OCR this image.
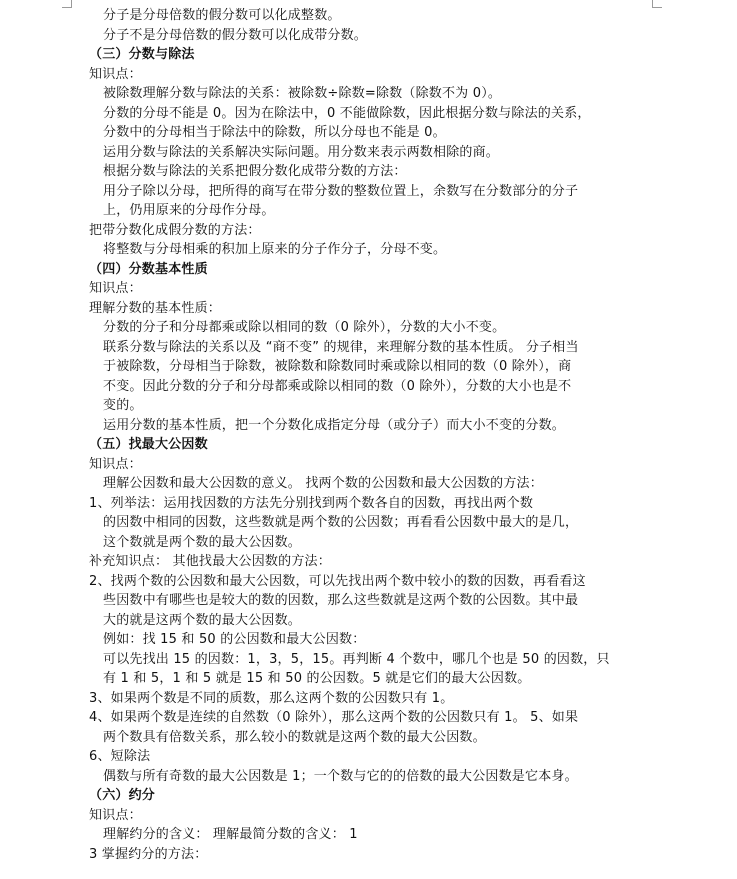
分子是分母倍数的假分数可以化成整数。
分子不是分母倍数的假分数可以化成带分数。
（三）分数与除法
知识点：
被除数理解分数与除法的关系：被除数÷除数=除数（除数不为 0）。
分数的分母不能是 0。因为在除法中，0 不能做除数，因此根据分数与除法的关系，
分数中的分母相当于除法中的除数，所以分母也不能是 0。
运用分数与除法的关系解决实际问题。用分数来表示两数相除的商。
根据分数与除法的关系把假分数化成带分数的方法：
用分子除以分母，把所得的商写在带分数的整数位置上，余数写在分数部分的分子
上，仍用原来的分母作分母。
把带分数化成假分数的方法：
将整数与分母相乘的积加上原来的分子作分子，分母不变。
（四）分数基本性质
知识点：
理解分数的基本性质：
分数的分子和分母都乘或除以相同的数（0 除外），分数的大小不变。
联系分数与除法的关系以及 “商不变” 的规律，来理解分数的基本性质。 分子相当
于被除数，分母相当于除数，被除数和除数同时乘或除以相同的数（0 除外），商
不变。因此分数的分子和分母都乘或除以相同的数（0 除外），分数的大小也是不
变的。
运用分数的基本性质，把一个分数化成指定分母（或分子）而大小不变的分数。
（五）找最大公因数
知识点：
理解公因数和最大公因数的意义。 找两个数的公因数和最大公因数的方法：
1、列举法：运用找因数的方法先分别找到两个数各自的因数，再找出两个数
的因数中相同的因数，这些数就是两个数的公因数；再看看公因数中最大的是几，
这个数就是两个数的最大公因数。
补充知识点： 其他找最大公因数的方法：
2、找两个数的公因数和最大公因数，可以先找出两个数中较小的数的因数，再看看这
些因数中有哪些也是较大的数的因数，那么这些数就是这两个数的公因数。其中最
大的就是这两个数的最大公因数。
例如：找 15 和 50 的公因数和最大公因数：
可以先找出 15 的因数：1，3，5，15。再判断 4 个数中，哪几个也是 50 的因数，只
有 1 和 5，1 和 5 就是 15 和 50 的公因数。5 就是它们的最大公因数。
3、如果两个数是不同的质数，那么这两个数的公因数只有 1。
4、如果两个数是连续的自然数（0 除外），那么这两个数的公因数只有 1。 5、如果
两个数具有倍数关系，那么较小的数就是这两个数的最大公因数。
6、短除法
偶数与所有奇数的最大公因数是 1；一个数与它的的倍数的最大公因数是它本身。
（六）约分
知识点：
理解约分的含义： 理解最简分数的含义： 1
3 掌握约分的方法：
